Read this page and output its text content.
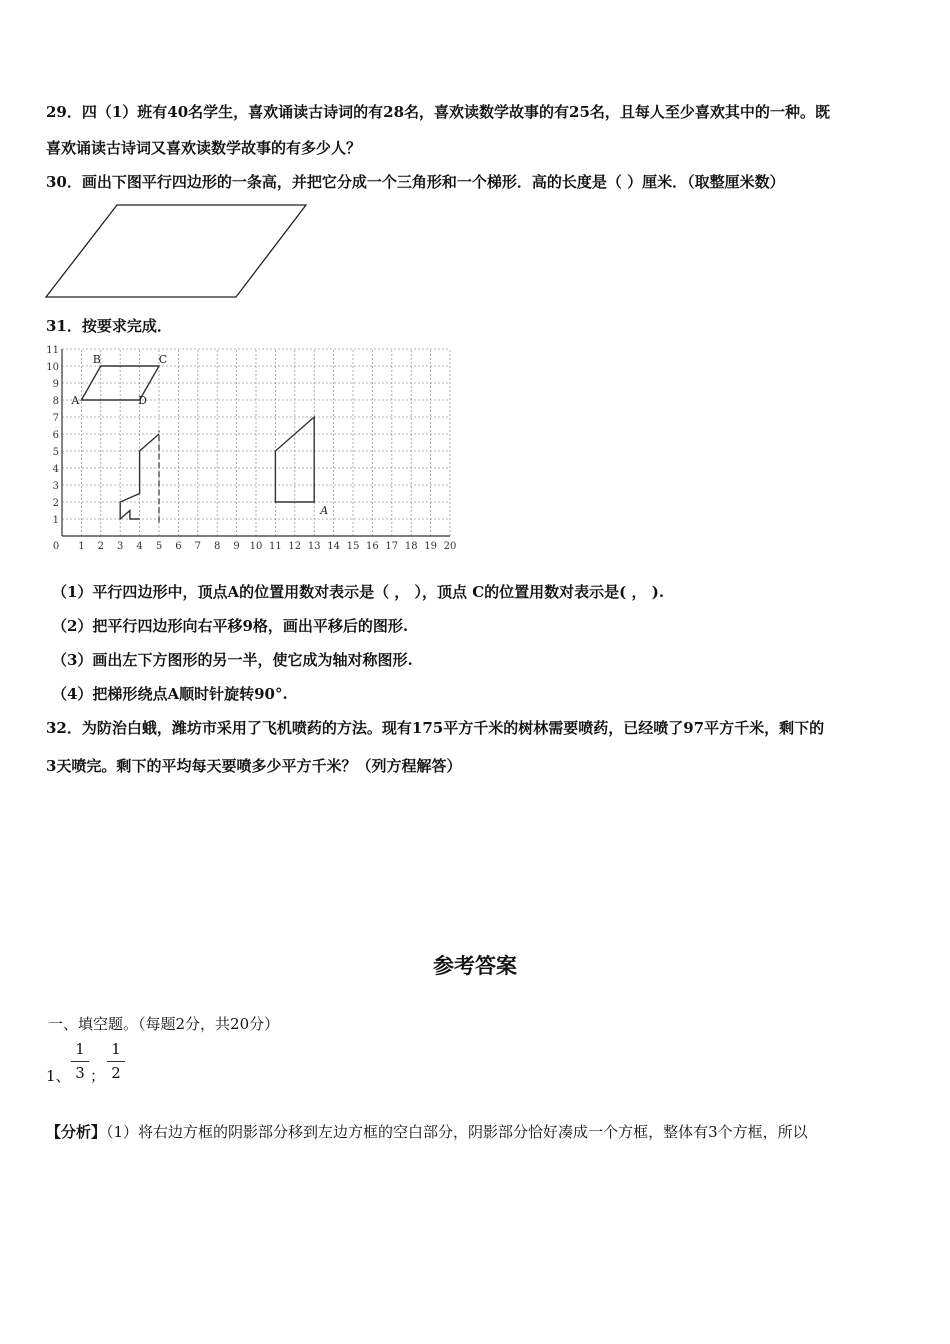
29．四（1）班有40名学生，喜欢诵读古诗词的有28名，喜欢读数学故事的有25名，且每人至少喜欢其中的一种。既
喜欢诵读古诗词又喜欢读数学故事的有多少人？
30．画出下图平行四边形的一条高，并把它分成一个三角形和一个梯形．高的长度是（ ）厘米．（取整厘米数）
31．按要求完成．
0 1 2 3 4 5 6 7 8 9 10 11 12 13 14 15 16 17 18 19 20
1
2
3
4
5
6
7
8
9
10
11
A
B	C
D
A
（1）平行四边形中，顶点A的位置用数对表示是（ ， ），顶点 C的位置用数对表示是( ， ).
（2）把平行四边形向右平移9格，画出平移后的图形.
（3）画出左下方图形的另一半，使它成为轴对称图形.
（4）把梯形绕点A顺时针旋转90°.
32．为防治白蛾，潍坊市采用了飞机喷药的方法。现有175平方千米的树林需要喷药，已经喷了97平方千米，剩下的
3天喷完。剩下的平均每天要喷多少平方千米？（列方程解答）
参考答案
一、填空题。（每题2分，共20分）
1、
1
3 ；
1
2
【分析】（1）将右边方框的阴影部分移到左边方框的空白部分，阴影部分恰好凑成一个方框，整体有3个方框，所以
